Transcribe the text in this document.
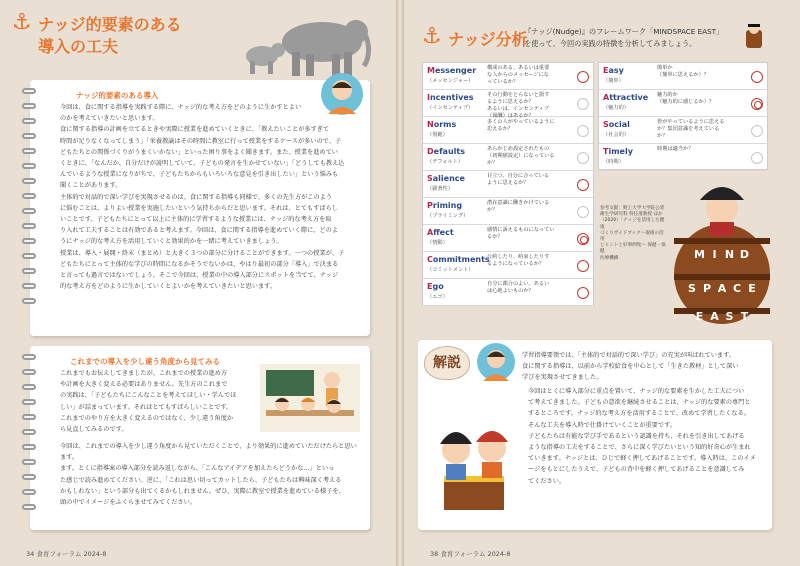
⚓ ナッジ的要素のある
導入の工夫
ナッジ的要素のある導入
今回は、食に関する指導を実践する際に、ナッジ的な考え方をどのように生かすとよい
のかを考えていきたいと思います。
食に関する指導の計画を立てるときや実際に授業を進めていくときに、「教えたいことが多すぎて
時間が足りなくなってしまう」「栄養教諭はその時間に教室に行って授業をするケースが多いので、子
どもたちとの関係づくりがうまくいかない」といった困り事をよく聞きます。また、授業を進めてい
くときに、「なんだか、自分だけが説明していて、子どもの発言を生かせていない」「どうしても教え込
んでいるような授業になりがちで、子どもたちからもいろいろな意見を引き出したい」という悩みも
聞くことがあります。
主体的で対話的で深い学びを実現させるのは、食に関する指導も同様で、多くの先生方がこのよう
に悩むことは、よりよい授業を実施したいという気持ちからだと思います。それは、とてもすばらし
いことです。子どもたちにとって以上に主体的に学習するような授業には、ナッジ的な考え方を取
り入れて工夫することは有効であると考えます。今回は、食に関する指導を進めていく際に、どのよ
うにナッジ的な考え方を活用していくと効果的かを一緒に考えていきましょう。
授業は、導入・展開・終末（まとめ）と大きく３つの部分に分けることができます。一つの授業が、子
どもたちにとって主体的な学びの時間になるかそうでないかは、やはり最初の部分「導入」で決まる
と言っても過言ではないでしょう。そこで今回は、授業の中の導入部分にスポットを当てて、ナッジ
的な考え方をどのように生かしていくとよいかを考えていきたいと思います。
これまでの導入を少し違う角度から見てみる
これまでもお伝えしてきましたが、これまでの授業の進め方
や計画を大きく変える必要はありません。先生方のこれまで
の実践は、「子どもたちにこんなことを考えてほしい・学んでほ
しい」が詰まっています。それはとてもすばらしいことです。
これまでのやり方を大きく変えるのではなく、少し違う角度か
ら見直してみるのです。
今回は、これまでの導入を少し違う角度から見ていただくことで、より効果的に進めていただけたらと思います。
ます。とくに指導案の導入部分を読み返しながら、「こんなアイデアを加えたらどうかな…」といっ
た感じで読み進めてください。逆に、「これは思い切ってカットしたら、子どもたちは興味深く考える
かもしれない」という部分も出てくるかもしれません。ぜひ、実際に教室で授業を進めている様子を、
頭の中でイメージをふくらませてみてください。
34 食育フォーラム 2024-8
⚓ ナッジ分析
『ナッジ(Nudge)』のフレームワーク「MINDSPACE EAST」
を使って、今回の実践の特徴を分析してみましょう。
Messenger
（メッセンジャー）
構成のある、あるいは重要
な人からのメッセージにな
っているか？
Incentives
（インセンティブ）
その行動をとらないと損す
るように思えるか？
あるいは、インセンティブ
（報酬）はあるか？
Norms
（規範）
多くの人がやっているように
思えるか？
Defaults
（デフォルト）
あらかじめ設定されたもの
（初期値設定）になっている
か？
Salience
（顕著性）
目立つ、自分に合っている
ように思えるか？
Priming
（プライミング）
潜在意識に働きかけている
か？
Affect
（情動）
感情に訴えるものになってい
るか？
Commitments
（コミットメント）
公約したり、約束したりす
るようになっているか？
Ego
（エゴ）
自分に都合のよい、あるい
は心地よいものか？
Easy
（簡単）
簡単か
（簡単に思えるか）？
Attractive
（魅力的）
魅力的か
（魅力的に感じるか）？
Social
（社会的）
皆がやっているように思える
か？集団意識を考えている
か？
Timely
（時期）
時期は適当か？
参考文献：野上大学大学院公衆
衛生学研究科 特任准教授 ほか
（2020）「ナッジを活用した健康
づくりガイドブック～取組の活用
とヒントと好事例集～ 保健・保健
医療機構	M I N D
S P A C E
E A S T
解説	学習指導要領では、「主体的で対話的で深い学び」の充実が叫ばれています。
食に関する指導は、以前から学校給食を中心として「生きた教材」として深い
学びを実現させてきました。
今回はとくに導入部分に重点を置いて、ナッジ的な要素を生かした工夫につい
て考えてきました。子どもの意欲を継続させることは、ナッジ的な要素の専門と
するところです。ナッジ的な考え方を活用することで、改めて学習したくなる。
そんな工夫を導入時で仕掛けていくことが重要です。
子どもたちは有能な学び手であるという認識を持ち、それを引き出してあげる
ような指導の工夫をすることで、さらに深く学びたいという知的好奇心が生まれ
ていきます。ナッジとは、ひじで軽く押してあげることです。導入時は、このイメ
ージをもとにしたうえで、子どもの背中を軽く押してあげることを意識してみ
てください。
38 食育フォーラム 2024-8
